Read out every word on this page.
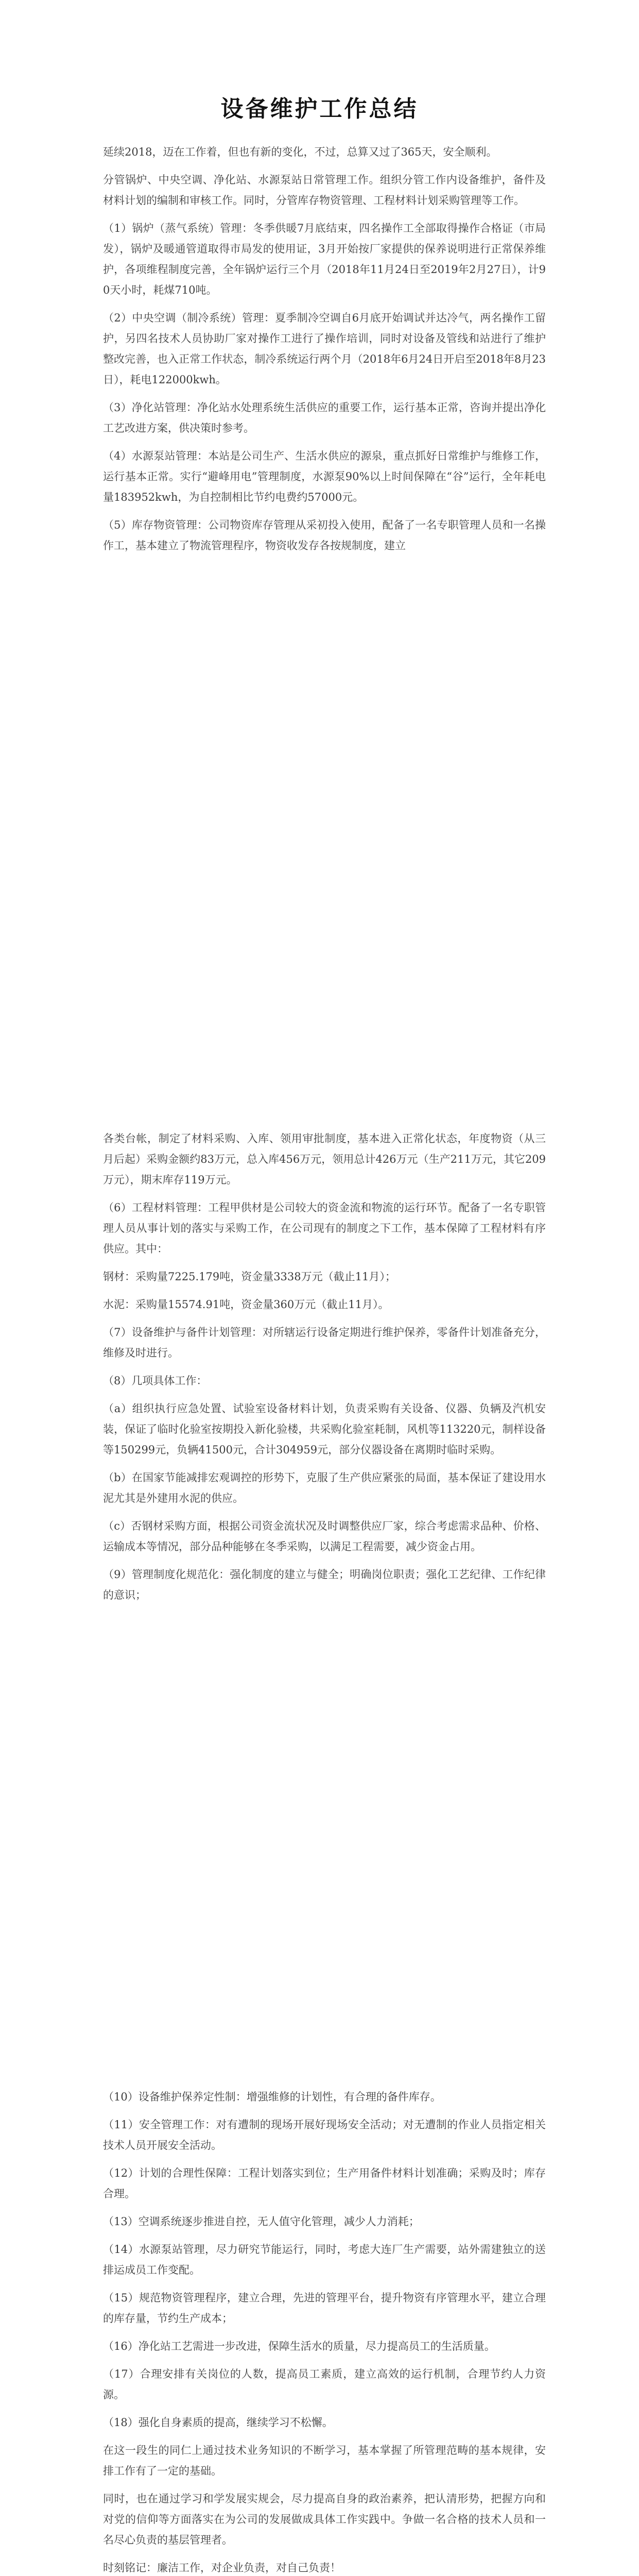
设备维护工作总结

延续2018，迈在工作着，但也有新的变化，不过，总算又过了365天，安全顺利。

分管锅炉、中央空调、净化站、水源泵站日常管理工作。组织分管工作内设备维护，备件及材料计划的编制和审核工作。同时，分管库存物资管理、工程材料计划采购管理等工作。

（1）锅炉（蒸气系统）管理：冬季供暖7月底结束，四名操作工全部取得操作合格证（市局发），锅炉及暖通管道取得市局发的使用证，3月开始按厂家提供的保养说明进行正常保养维护，各项维程制度完善，全年锅炉运行三个月（2018年11月24日至2019年2月27日），计90天小时，耗煤710吨。

（2）中央空调（制冷系统）管理：夏季制冷空调自6月底开始调试并达冷气，两名操作工留护，另四名技术人员协助厂家对操作工进行了操作培训，同时对设备及管线和站进行了维护整改完善，也入正常工作状态，制冷系统运行两个月（2018年6月24日开启至2018年8月23日），耗电122000kwh。

（3）净化站管理：净化站水处理系统生活供应的重要工作，运行基本正常，咨询并提出净化工艺改进方案，供决策时参考。

（4）水源泵站管理：本站是公司生产、生活水供应的源泉，重点抓好日常维护与维修工作，运行基本正常。实行“避峰用电”管理制度，水源泵90%以上时间保障在“谷”运行，全年耗电量183952kwh，为自控制相比节约电费约57000元。

（5）库存物资管理：公司物资库存管理从采初投入使用，配备了一名专职管理人员和一名操作工，基本建立了物流管理程序，物资收发存各按规制度，建立

各类台帐，制定了材料采购、入库、领用审批制度，基本进入正常化状态，年度物资（从三月后起）采购金额约83万元，总入库456万元，领用总计426万元（生产211万元，其它209万元），期末库存119万元。

（6）工程材料管理：工程甲供材是公司较大的资金流和物流的运行环节。配备了一名专职管理人员从事计划的落实与采购工作，在公司现有的制度之下工作，基本保障了工程材料有序供应。其中：

钢材：采购量7225.179吨，资金量3338万元（截止11月）；

水泥：采购量15574.91吨，资金量360万元（截止11月）。

（7）设备维护与备件计划管理：对所辖运行设备定期进行维护保养，零备件计划准备充分，维修及时进行。

（8）几项具体工作：

（a）组织执行应急处置、试验室设备材料计划，负责采购有关设备、仪器、负辆及汽机安装，保证了临时化验室按期投入新化验楼，共采购化验室耗制，风机等113220元，制样设备等150299元，负辆41500元，合计304959元，部分仪器设备在离期时临时采购。

（b）在国家节能减排宏观调控的形势下，克服了生产供应紧张的局面，基本保证了建设用水泥尤其是外建用水泥的供应。

（c）否钢材采购方面，根据公司资金流状况及时调整供应厂家，综合考虑需求品种、价格、运输成本等情况，部分品种能够在冬季采购，以满足工程需要，减少资金占用。

（9）管理制度化规范化：强化制度的建立与健全；明确岗位职责；强化工艺纪律、工作纪律的意识；

（10）设备维护保养定性制：增强维修的计划性，有合理的备件库存。

（11）安全管理工作：对有遭制的现场开展好现场安全活动；对无遭制的作业人员指定相关技术人员开展安全活动。

（12）计划的合理性保障：工程计划落实到位；生产用备件材料计划准确；采购及时；库存合理。

（13）空调系统逐步推进自控，无人值守化管理，减少人力消耗；

（14）水源泵站管理，尽力研究节能运行，同时，考虑大连厂生产需要，站外需建独立的送排运成员工作变配。

（15）规范物资管理程序，建立合理，先进的管理平台，提升物资有序管理水平，建立合理的库存量，节约生产成本；

（16）净化站工艺需进一步改进，保障生活水的质量，尽力提高员工的生活质量。

（17）合理安排有关岗位的人数，提高员工素质，建立高效的运行机制，合理节约人力资源。

（18）强化自身素质的提高，继续学习不松懈。

在这一段生的同仁上通过技术业务知识的不断学习，基本掌握了所管理范畴的基本规律，安排工作有了一定的基础。

同时，也在通过学习和学发展实规会，尽力提高自身的政治素养，把认清形势，把握方向和对党的信仰等方面落实在为公司的发展做成具体工作实践中。争做一名合格的技术人员和一名尽心负责的基层管理者。

时刻铭记：廉洁工作，对企业负责，对自己负责！
